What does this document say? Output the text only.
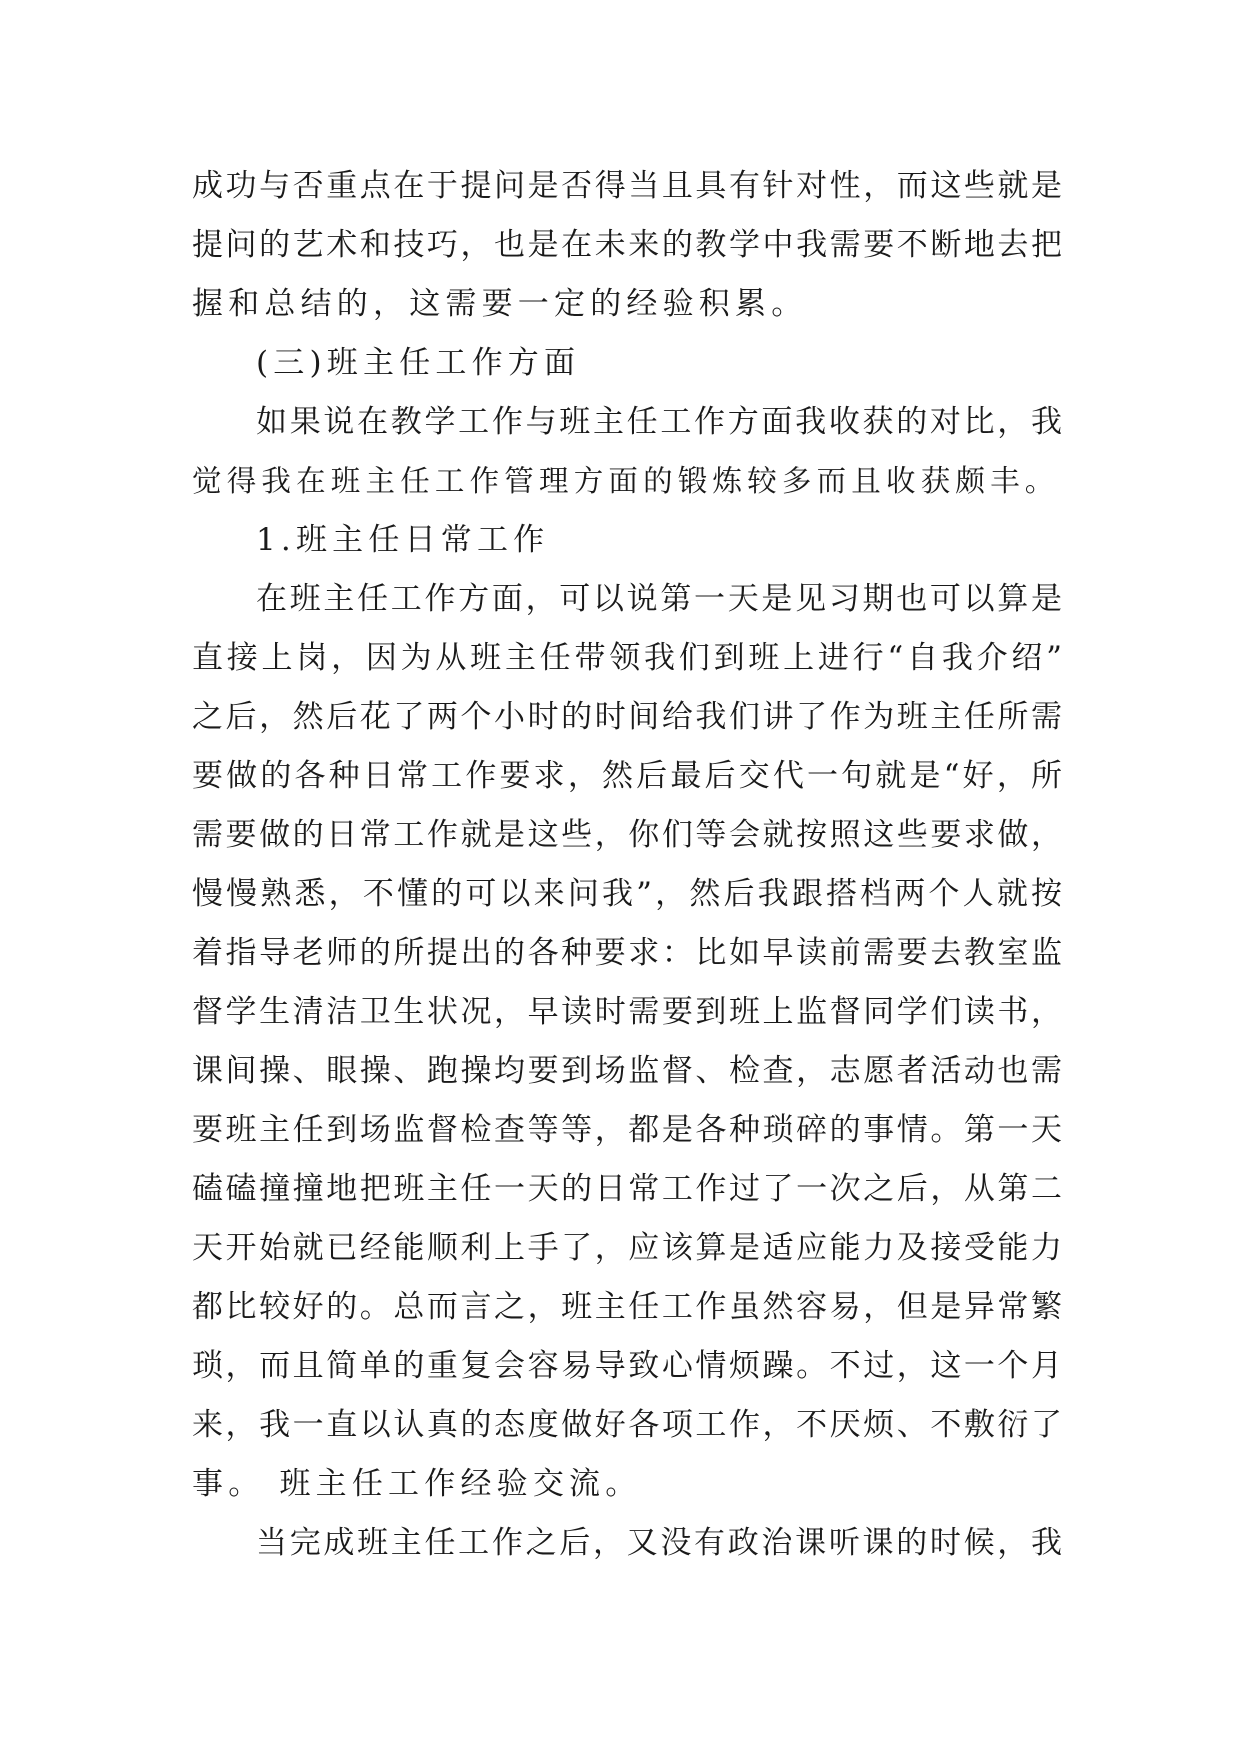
成功与否重点在于提问是否得当且具有针对性，而这些就是
提问的艺术和技巧，也是在未来的教学中我需要不断地去把
握和总结的，这需要一定的经验积累。
(三)班主任工作方面
如果说在教学工作与班主任工作方面我收获的对比，我
觉得我在班主任工作管理方面的锻炼较多而且收获颇丰。
1.班主任日常工作
在班主任工作方面，可以说第一天是见习期也可以算是
直接上岗，因为从班主任带领我们到班上进行“自我介绍”
之后，然后花了两个小时的时间给我们讲了作为班主任所需
要做的各种日常工作要求，然后最后交代一句就是“好，所
需要做的日常工作就是这些，你们等会就按照这些要求做，
慢慢熟悉，不懂的可以来问我”，然后我跟搭档两个人就按
着指导老师的所提出的各种要求：比如早读前需要去教室监
督学生清洁卫生状况，早读时需要到班上监督同学们读书，
课间操、眼操、跑操均要到场监督、检查，志愿者活动也需
要班主任到场监督检查等等，都是各种琐碎的事情。第一天
磕磕撞撞地把班主任一天的日常工作过了一次之后，从第二
天开始就已经能顺利上手了，应该算是适应能力及接受能力
都比较好的。总而言之，班主任工作虽然容易，但是异常繁
琐，而且简单的重复会容易导致心情烦躁。不过，这一个月
来，我一直以认真的态度做好各项工作，不厌烦、不敷衍了
事。 班主任工作经验交流。
当完成班主任工作之后，又没有政治课听课的时候，我
